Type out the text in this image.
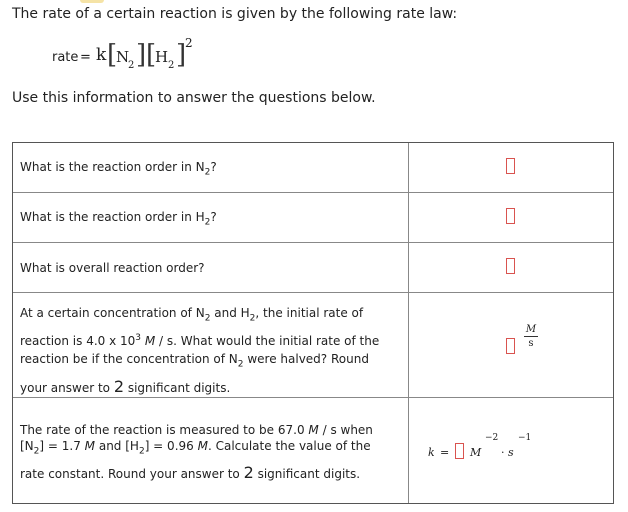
The rate of a certain reaction is given by the following rate law:
rate = k [
N
2 ] [
H 2 ]
2
Use this information to answer the questions below.
What is the reaction order in $N_2$?
What is the reaction order in $H_2$?
What is overall reaction order?
At a certain concentration of $N_2$ and $H_2$, the initial rate of
reaction is 4.0 x $10^3$ M / s. What would the initial rate of the
reaction be if the concentration of $N_2$ were halved? Round
your answer to 2 significant digits.
M
s
The rate of the reaction is measured to be 67.0 M / s when
$[N_2] = 1.7$ M and $[H_2] = 0.96$ M. Calculate the value of the
rate constant. Round your answer to 2 significant digits.
k = M
−2
· s
−1
